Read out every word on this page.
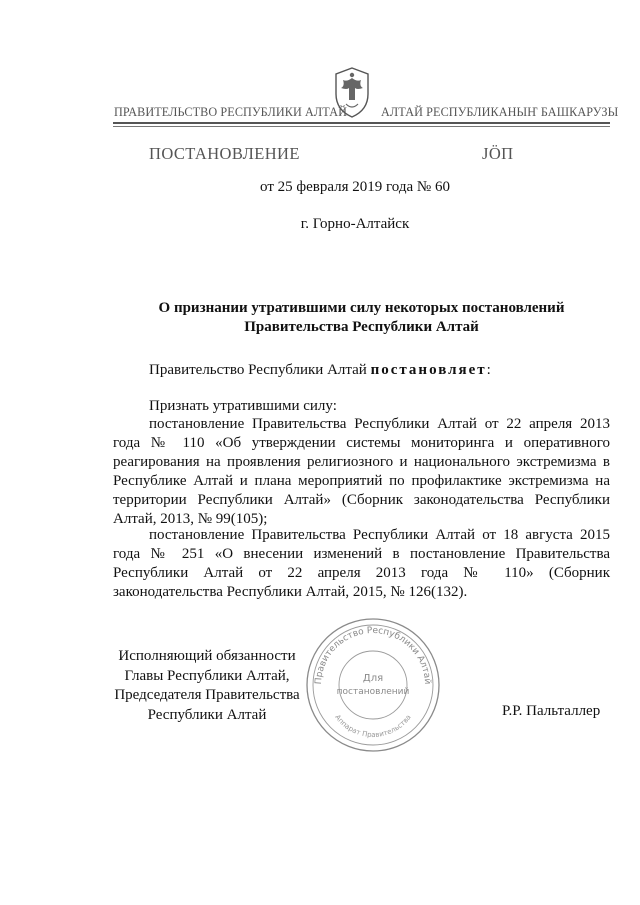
ПРАВИТЕЛЬСТВО РЕСПУБЛИКИ АЛТАЙ	АЛТАЙ РЕСПУБЛИКАНЫҤ БАШКАРУЗЫ
ПОСТАНОВЛЕНИЕ	ЈӦП
от 25 февраля 2019 года № 60
г. Горно-Алтайск
О признании утратившими силу некоторых постановлений
Правительства Республики Алтай
Правительство Республики Алтай постановляет:
Признать утратившими силу:
постановление Правительства Республики Алтай от 22 апреля 2013
года № 110 «Об утверждении системы мониторинга и оперативного
реагирования на проявления религиозного и национального экстремизма в
Республике Алтай и плана мероприятий по профилактике экстремизма на
территории Республики Алтай» (Сборник законодательства Республики
Алтай, 2013, № 99(105);
постановление Правительства Республики Алтай от 18 августа 2015
года № 251 «О внесении изменений в постановление Правительства
Республики Алтай от 22 апреля 2013 года № 110» (Сборник
законодательства Республики Алтай, 2015, № 126(132).
Правительство Республики Алтай
Аппарат Правительства
Для
постановлений
Исполняющий обязанности
Главы Республики Алтай,
Председателя Правительства
Республики Алтай	Р.Р. Пальталлер
